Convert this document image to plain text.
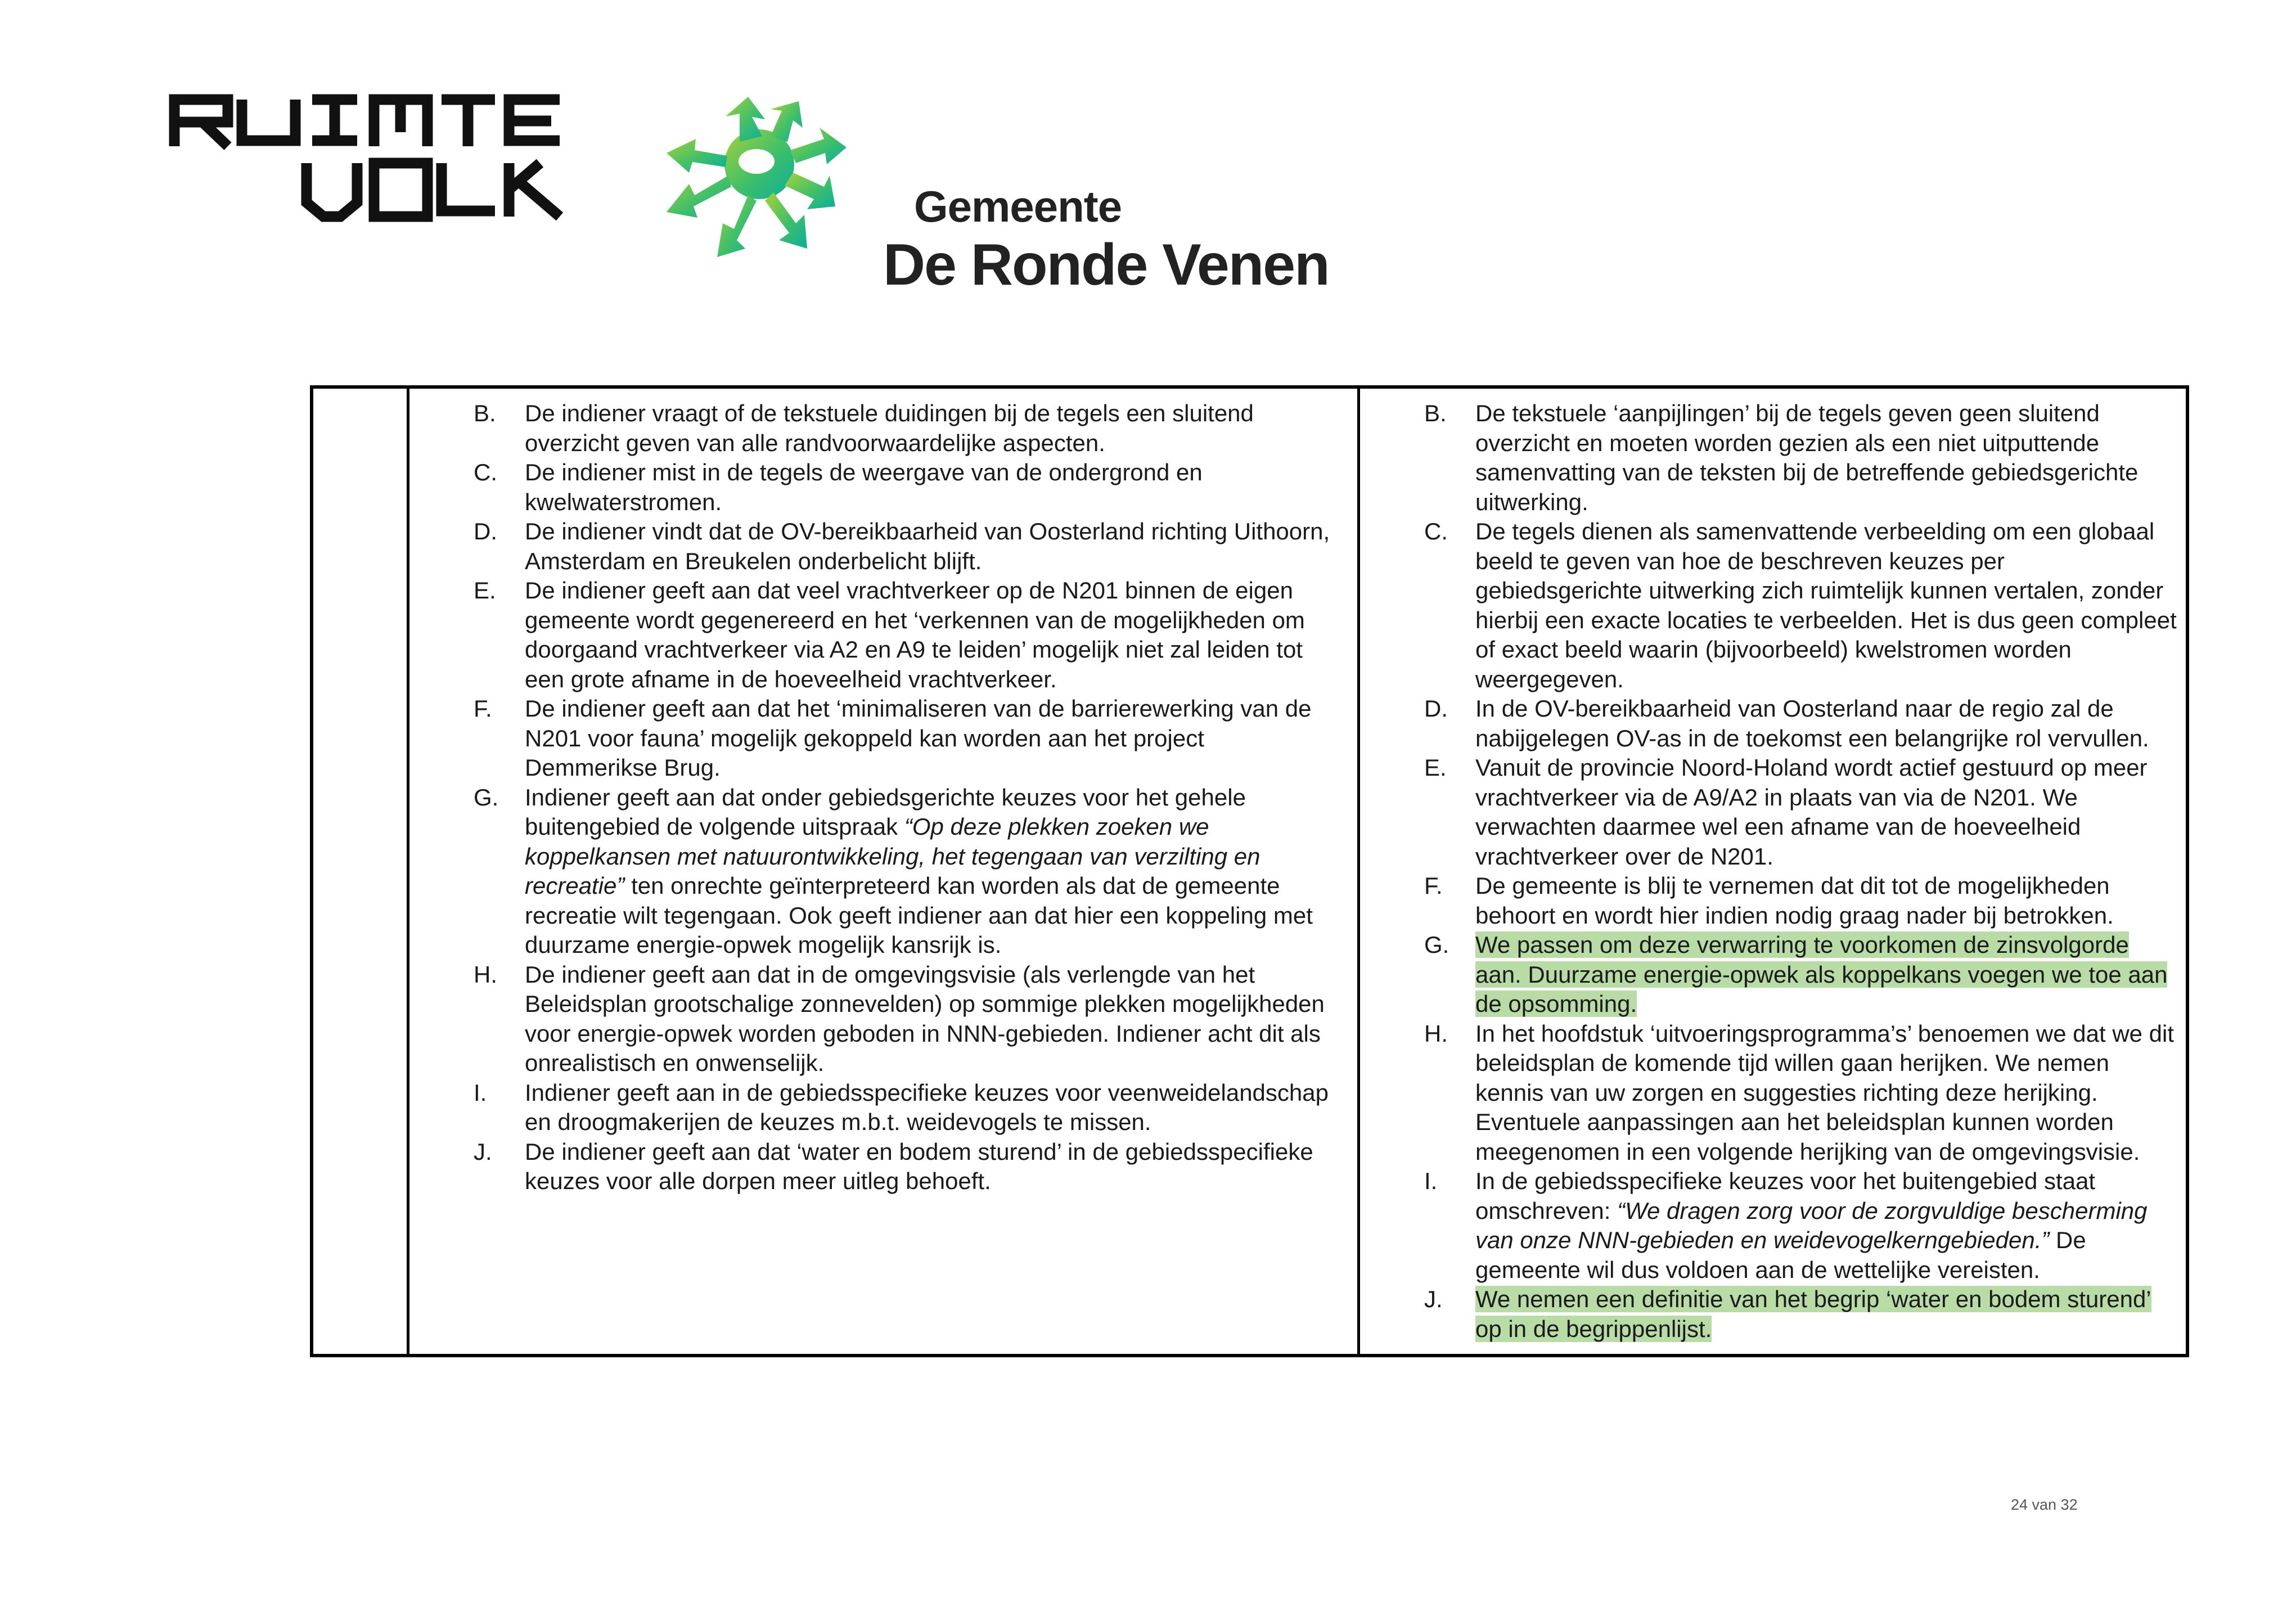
Gemeente
De Ronde Venen
B. De indiener vraagt of de tekstuele duidingen bij de tegels een sluitend overzicht geven van alle randvoorwaardelijke aspecten.
C. De indiener mist in de tegels de weergave van de ondergrond en kwelwaterstromen.
D. De indiener vindt dat de OV-bereikbaarheid van Oosterland richting Uithoorn, Amsterdam en Breukelen onderbelicht blijft.
E. De indiener geeft aan dat veel vrachtverkeer op de N201 binnen de eigen gemeente wordt gegenereerd en het ‘verkennen van de mogelijkheden om doorgaand vrachtverkeer via A2 en A9 te leiden’ mogelijk niet zal leiden tot een grote afname in de hoeveelheid vrachtverkeer.
F. De indiener geeft aan dat het ‘minimaliseren van de barrierewerking van de N201 voor fauna’ mogelijk gekoppeld kan worden aan het project Demmerikse Brug.
G. Indiener geeft aan dat onder gebiedsgerichte keuzes voor het gehele buitengebied de volgende uitspraak “Op deze plekken zoeken we koppelkansen met natuurontwikkeling, het tegengaan van verzilting en recreatie” ten onrechte geïnterpreteerd kan worden als dat de gemeente recreatie wilt tegengaan. Ook geeft indiener aan dat hier een koppeling met duurzame energie-opwek mogelijk kansrijk is.
H. De indiener geeft aan dat in de omgevingsvisie (als verlengde van het Beleidsplan grootschalige zonnevelden) op sommige plekken mogelijkheden voor energie-opwek worden geboden in NNN-gebieden. Indiener acht dit als onrealistisch en onwenselijk.
I. Indiener geeft aan in de gebiedsspecifieke keuzes voor veenweidelandschap en droogmakerijen de keuzes m.b.t. weidevogels te missen.
J. De indiener geeft aan dat ‘water en bodem sturend’ in de gebiedsspecifieke keuzes voor alle dorpen meer uitleg behoeft.
B. De tekstuele ‘aanpijlingen’ bij de tegels geven geen sluitend overzicht en moeten worden gezien als een niet uitputtende samenvatting van de teksten bij de betreffende gebiedsgerichte uitwerking.
C. De tegels dienen als samenvattende verbeelding om een globaal beeld te geven van hoe de beschreven keuzes per gebiedsgerichte uitwerking zich ruimtelijk kunnen vertalen, zonder hierbij een exacte locaties te verbeelden. Het is dus geen compleet of exact beeld waarin (bijvoorbeeld) kwelstromen worden weergegeven.
D. In de OV-bereikbaarheid van Oosterland naar de regio zal de nabijgelegen OV-as in de toekomst een belangrijke rol vervullen.
E. Vanuit de provincie Noord-Holand wordt actief gestuurd op meer vrachtverkeer via de A9/A2 in plaats van via de N201. We verwachten daarmee wel een afname van de hoeveelheid vrachtverkeer over de N201.
F. De gemeente is blij te vernemen dat dit tot de mogelijkheden behoort en wordt hier indien nodig graag nader bij betrokken.
G. We passen om deze verwarring te voorkomen de zinsvolgorde aan. Duurzame energie-opwek als koppelkans voegen we toe aan de opsomming.
H. In het hoofdstuk ‘uitvoeringsprogramma’s’ benoemen we dat we dit beleidsplan de komende tijd willen gaan herijken. We nemen kennis van uw zorgen en suggesties richting deze herijking. Eventuele aanpassingen aan het beleidsplan kunnen worden meegenomen in een volgende herijking van de omgevingsvisie.
I. In de gebiedsspecifieke keuzes voor het buitengebied staat omschreven: “We dragen zorg voor de zorgvuldige bescherming van onze NNN-gebieden en weidevogelkerngebieden.” De gemeente wil dus voldoen aan de wettelijke vereisten.
J. We nemen een definitie van het begrip ‘water en bodem sturend’ op in de begrippenlijst.
24 van 32
